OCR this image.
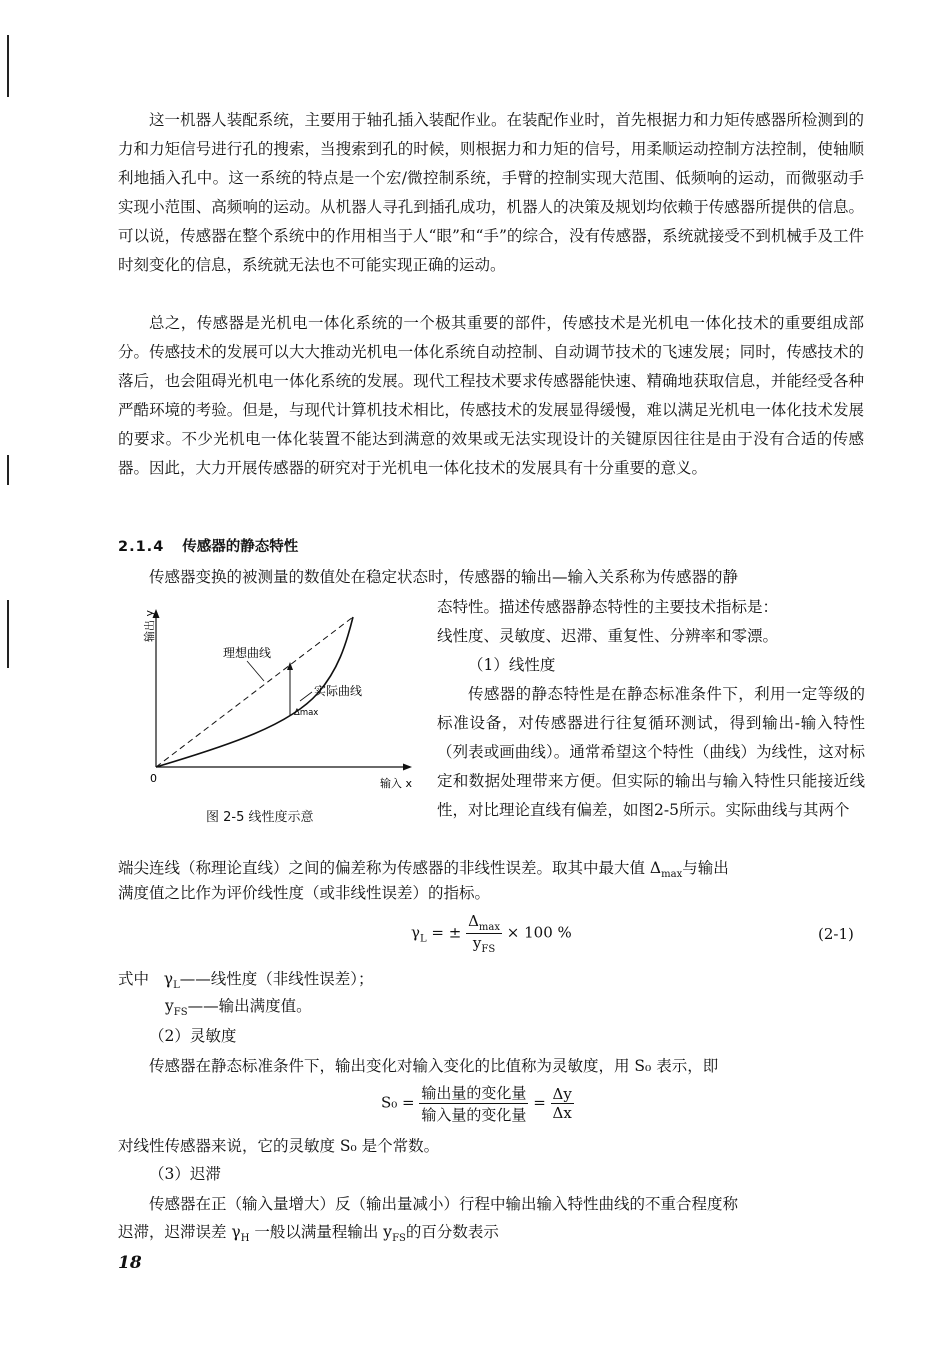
这一机器人装配系统，主要用于轴孔插入装配作业。在装配作业时，首先根据力和力矩传感器所检测到的力和力矩信号进行孔的搜索，当搜索到孔的时候，则根据力和力矩的信号，用柔顺运动控制方法控制，使轴顺利地插入孔中。这一系统的特点是一个宏/微控制系统，手臂的控制实现大范围、低频响的运动，而微驱动手实现小范围、高频响的运动。从机器人寻孔到插孔成功，机器人的决策及规划均依赖于传感器所提供的信息。可以说，传感器在整个系统中的作用相当于人“眼”和“手”的综合，没有传感器，系统就接受不到机械手及工件时刻变化的信息，系统就无法也不可能实现正确的运动。

总之，传感器是光机电一体化系统的一个极其重要的部件，传感技术是光机电一体化技术的重要组成部分。传感技术的发展可以大大推动光机电一体化系统自动控制、自动调节技术的飞速发展；同时，传感技术的落后，也会阻碍光机电一体化系统的发展。现代工程技术要求传感器能快速、精确地获取信息，并能经受各种严酷环境的考验。但是，与现代计算机技术相比，传感技术的发展显得缓慢，难以满足光机电一体化技术发展的要求。不少光机电一体化装置不能达到满意的效果或无法实现设计的关键原因往往是由于没有合适的传感器。因此，大力开展传感器的研究对于光机电一体化技术的发展具有十分重要的意义。

2.1.4 传感器的静态特性

传感器变换的被测量的数值处在稳定状态时，传感器的输出—输入关系称为传感器的静

输出 y
理想曲线
实际曲线
Δmax
0	输入 x
图 2-5 线性度示意

态特性。描述传感器静态特性的主要技术指标是：

线性度、灵敏度、迟滞、重复性、分辨率和零漂。

（1）线性度

传感器的静态特性是在静态标准条件下，利用一定等级的标准设备，对传感器进行往复循环测试，得到输出-输入特性（列表或画曲线）。通常希望这个特性（曲线）为线性，这对标定和数据处理带来方便。但实际的输出与输入特性只能接近线性，对比理论直线有偏差，如图2-5所示。实际曲线与其两个

端尖连线（称理论直线）之间的偏差称为传感器的非线性误差。取其中最大值 $\Delta_{max}$与输出

满度值之比作为评价线性度（或非线性误差）的指标。

$\gamma_L$ = ± $\frac{\Delta_{max}}{y_{FS}} \times 100$ %	(2-1)

式中 $\gamma_L——$线性度（非线性误差）；

$y_{FS}——$输出满度值。

（2）灵敏度

传感器在静态标准条件下，输出变化对输入变化的比值称为灵敏度，用 S₀ 表示，即

$S_0 = \frac{\text{输出量的变化量}}{\text{输入量的变化量}} = \frac{\Delta y}{\Delta x}$

对线性传感器来说，它的灵敏度 S₀ 是个常数。

（3）迟滞

传感器在正（输入量增大）反（输出量减小）行程中输出输入特性曲线的不重合程度称

迟滞，迟滞误差 $\gamma_H$ 一般以满量程输出 $y_{FS}$的百分数表示

18
